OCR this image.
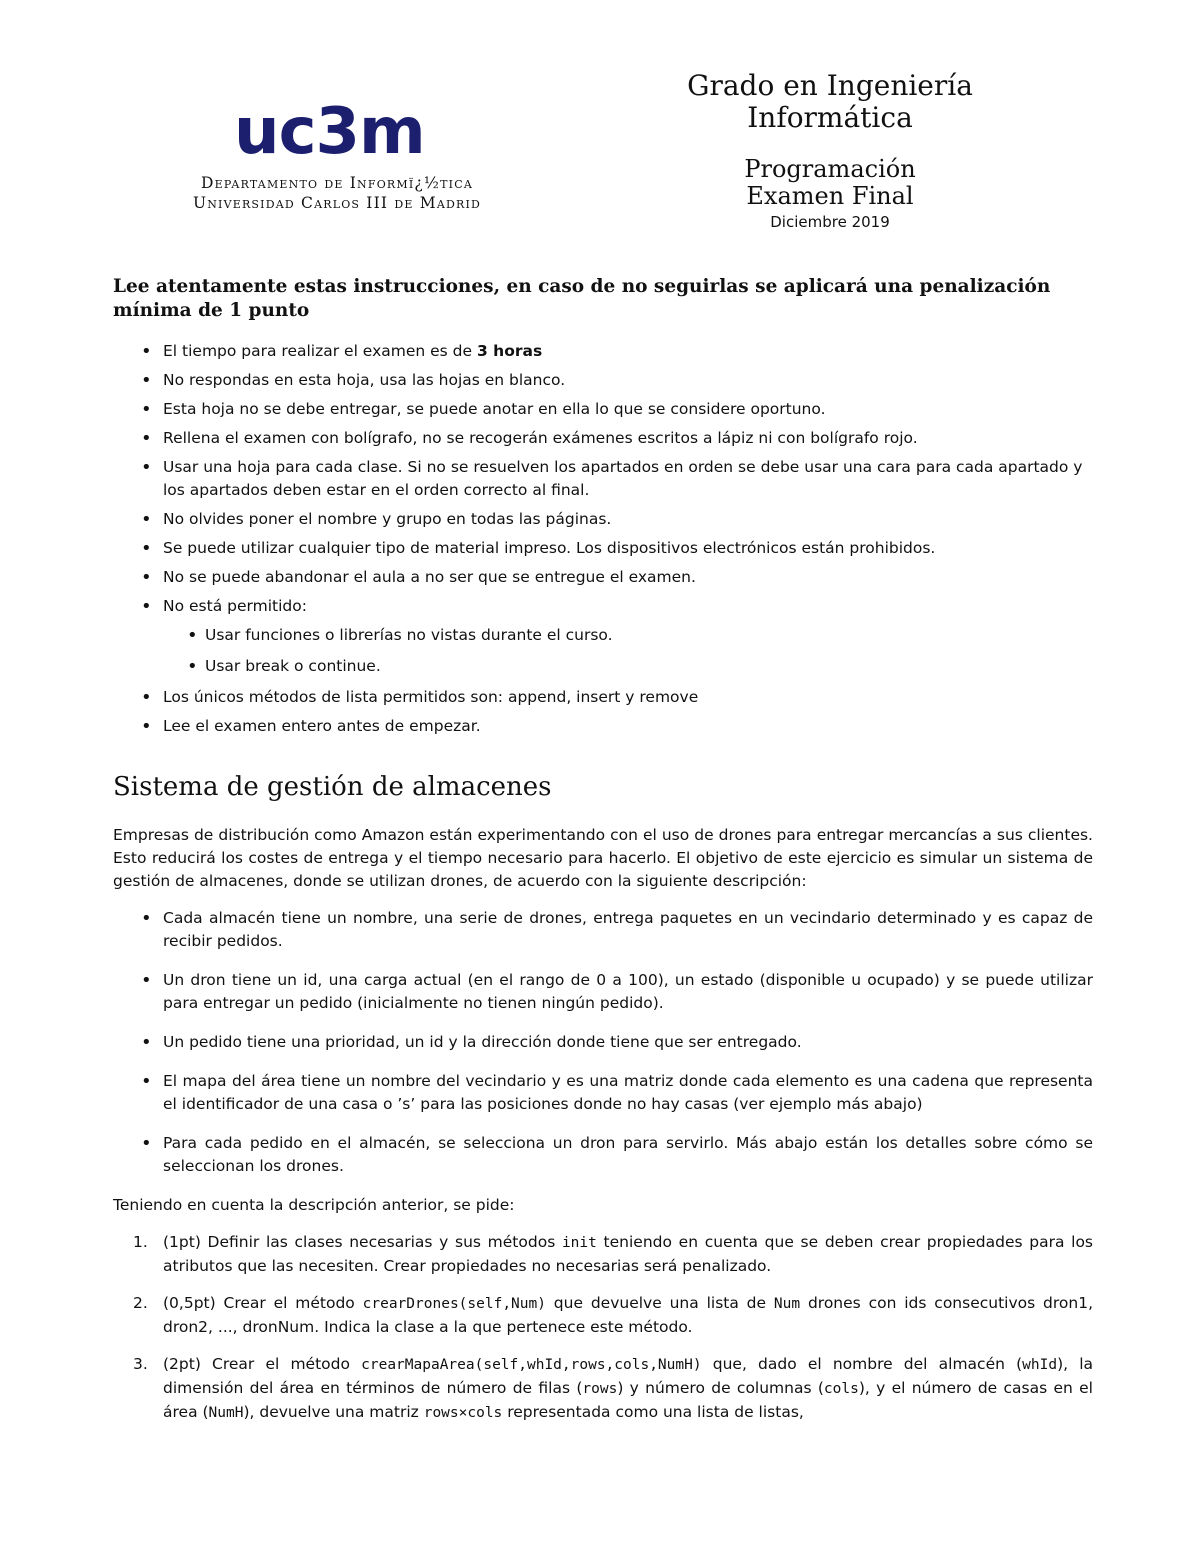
uc3m
Departamento de Informï¿½tica
Universidad Carlos III de Madrid
Grado en Ingeniería
Informática
Programación
Examen Final
Diciembre 2019
Lee atentamente estas instrucciones, en caso de no seguirlas se aplicará una penalización mínima de 1 punto
• El tiempo para realizar el examen es de 3 horas
• No respondas en esta hoja, usa las hojas en blanco.
• Esta hoja no se debe entregar, se puede anotar en ella lo que se considere oportuno.
• Rellena el examen con bolígrafo, no se recogerán exámenes escritos a lápiz ni con bolígrafo rojo.
• Usar una hoja para cada clase. Si no se resuelven los apartados en orden se debe usar una cara para cada apartado y los apartados deben estar en el orden correcto al final.
• No olvides poner el nombre y grupo en todas las páginas.
• Se puede utilizar cualquier tipo de material impreso. Los dispositivos electrónicos están prohibidos.
• No se puede abandonar el aula a no ser que se entregue el examen.
• No está permitido:
• Usar funciones o librerías no vistas durante el curso.
• Usar break o continue.
• Los únicos métodos de lista permitidos son: append, insert y remove
• Lee el examen entero antes de empezar.
Sistema de gestión de almacenes

Empresas de distribución como Amazon están experimentando con el uso de drones para entregar mercancías a sus clientes. Esto reducirá los costes de entrega y el tiempo necesario para hacerlo. El objetivo de este ejercicio es simular un sistema de gestión de almacenes, donde se utilizan drones, de acuerdo con la siguiente descripción:

• Cada almacén tiene un nombre, una serie de drones, entrega paquetes en un vecindario determinado y es capaz de recibir pedidos.
• Un dron tiene un id, una carga actual (en el rango de 0 a 100), un estado (disponible u ocupado) y se puede utilizar para entregar un pedido (inicialmente no tienen ningún pedido).
• Un pedido tiene una prioridad, un id y la dirección donde tiene que ser entregado.
• El mapa del área tiene un nombre del vecindario y es una matriz donde cada elemento es una cadena que representa el identificador de una casa o ’s’ para las posiciones donde no hay casas (ver ejemplo más abajo)
• Para cada pedido en el almacén, se selecciona un dron para servirlo. Más abajo están los detalles sobre cómo se seleccionan los drones.

Teniendo en cuenta la descripción anterior, se pide:

1. (1pt) Definir las clases necesarias y sus métodos init teniendo en cuenta que se deben crear propiedades para los atributos que las necesiten. Crear propiedades no necesarias será penalizado.
2. (0,5pt) Crear el método crearDrones(self,Num) que devuelve una lista de Num drones con ids consecutivos dron1, dron2, ..., dronNum. Indica la clase a la que pertenece este método.
3. (2pt) Crear el método crearMapaArea(self,whId,rows,cols,NumH) que, dado el nombre del almacén (whId), la dimensión del área en términos de número de filas (rows) y número de columnas (cols), y el número de casas en el área (NumH), devuelve una matriz rows×cols representada como una lista de listas,
